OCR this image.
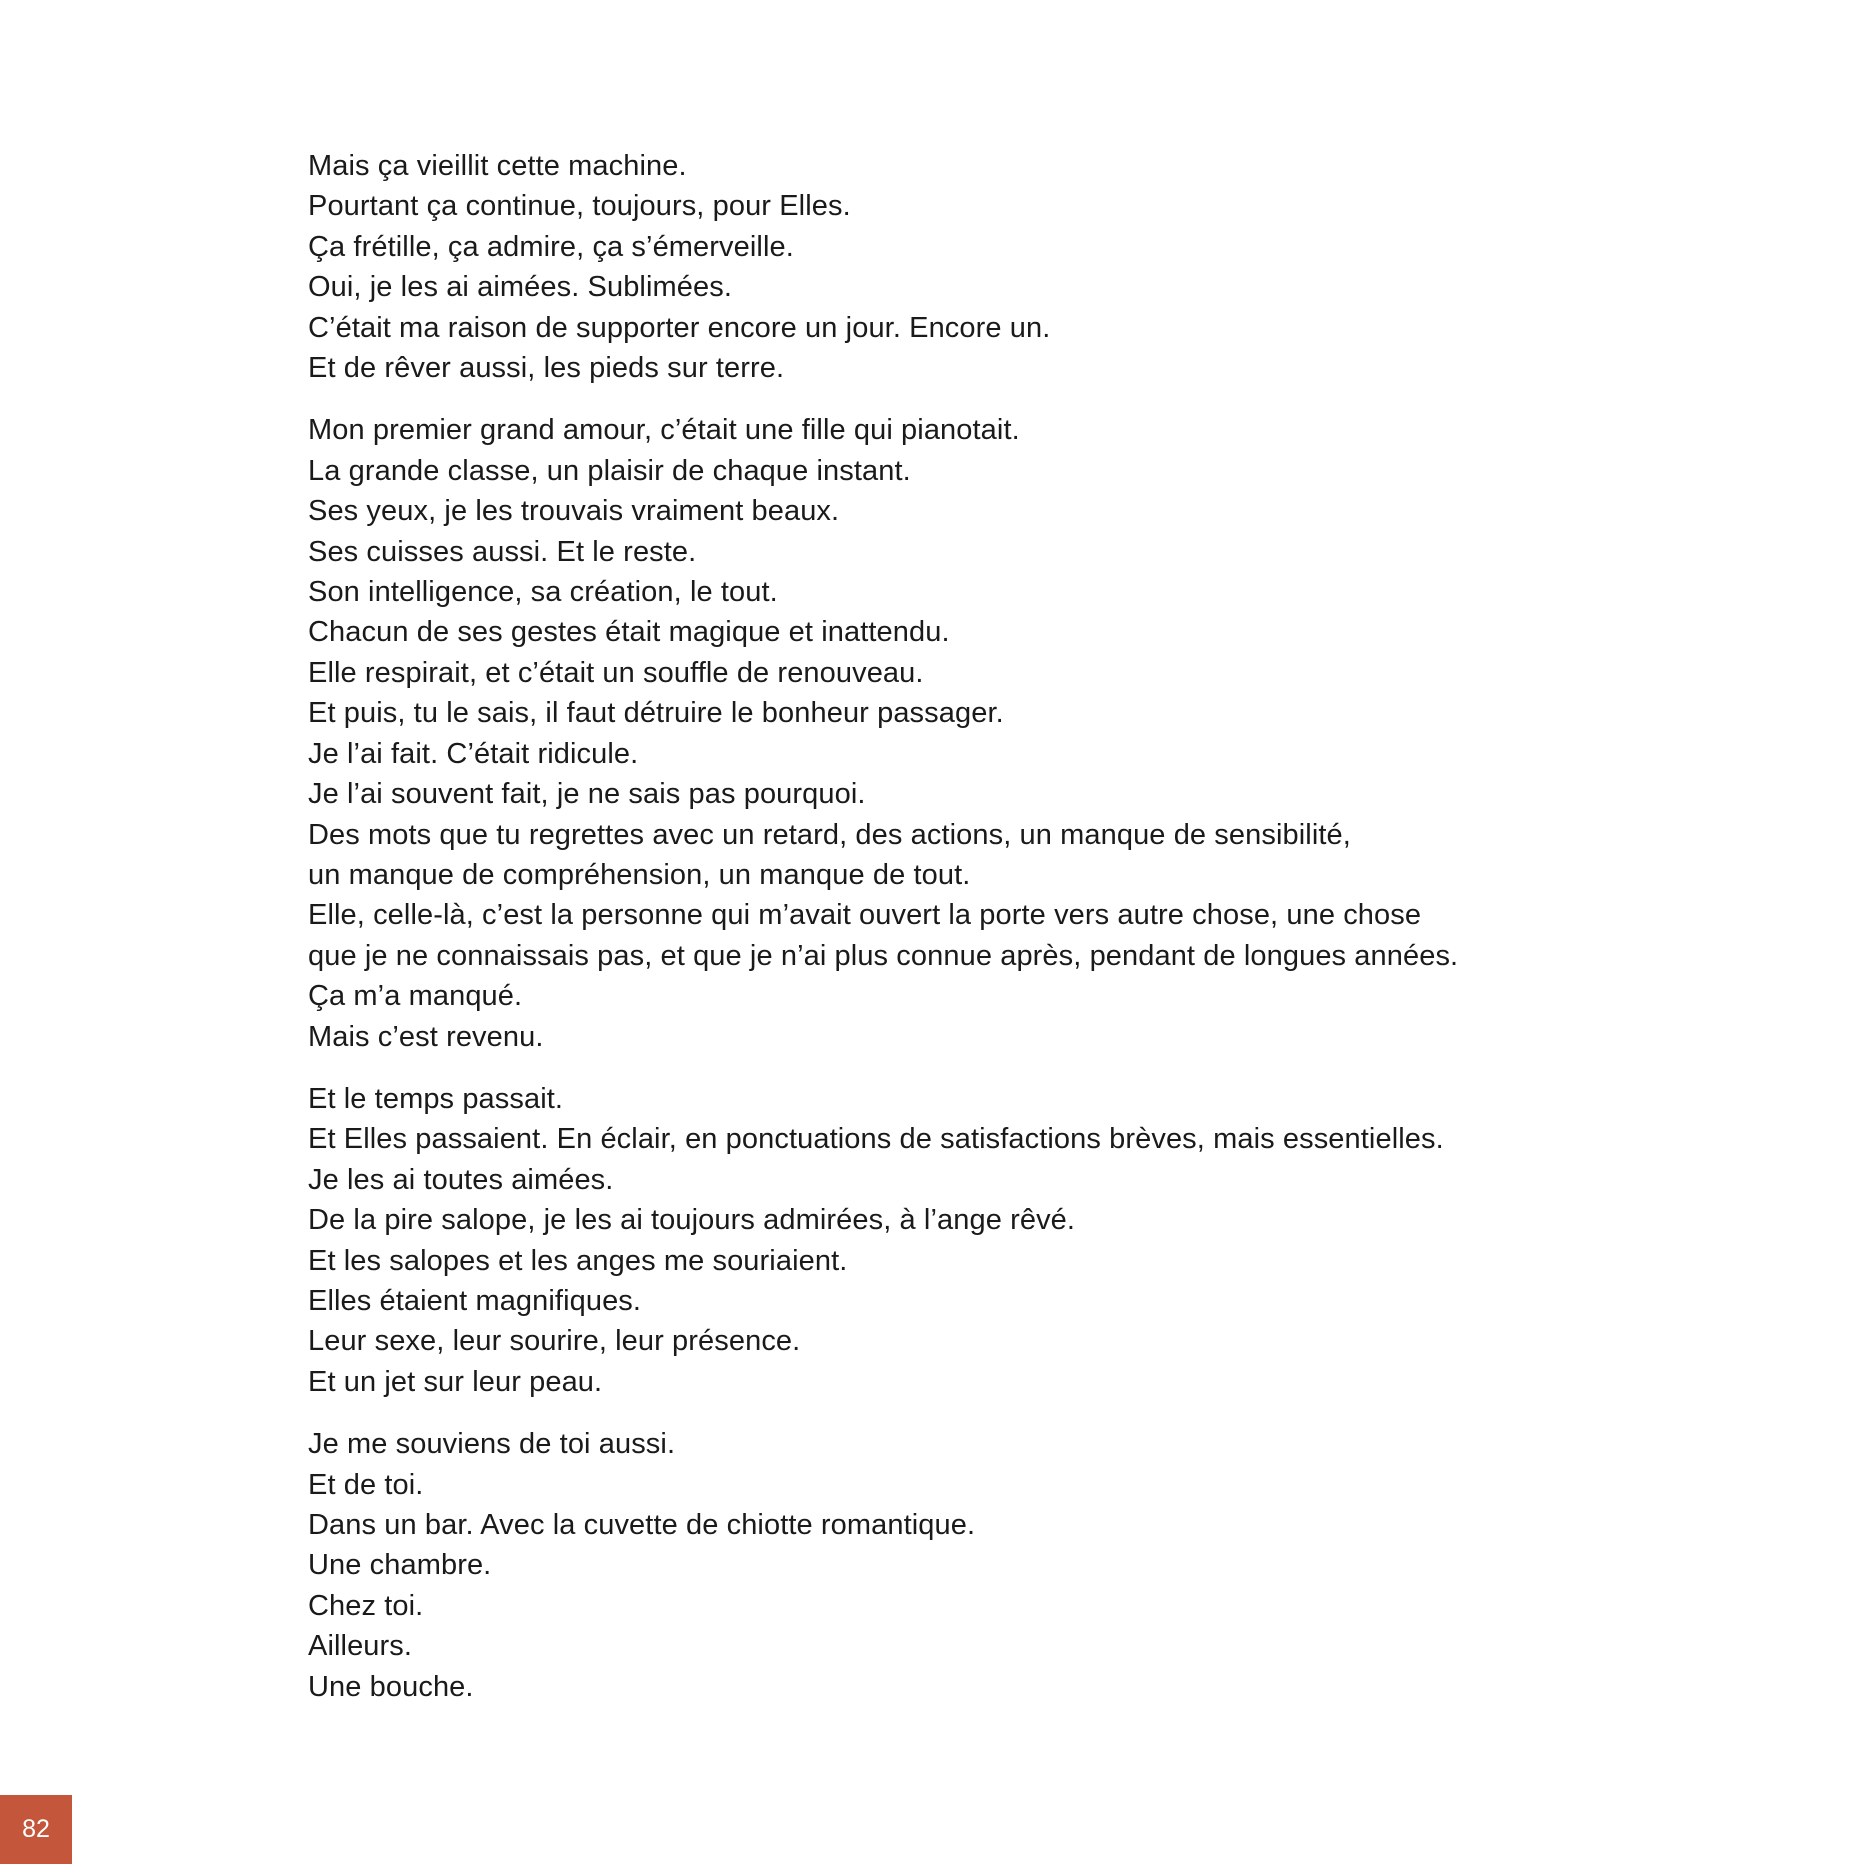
Mais ça vieillit cette machine.
Pourtant ça continue, toujours, pour Elles.
Ça frétille, ça admire, ça s’émerveille.
Oui, je les ai aimées. Sublimées.
C’était ma raison de supporter encore un jour. Encore un.
Et de rêver aussi, les pieds sur terre.
Mon premier grand amour, c’était une fille qui pianotait.
La grande classe, un plaisir de chaque instant.
Ses yeux, je les trouvais vraiment beaux.
Ses cuisses aussi. Et le reste.
Son intelligence, sa création, le tout.
Chacun de ses gestes était magique et inattendu.
Elle respirait, et c’était un souffle de renouveau.
Et puis, tu le sais, il faut détruire le bonheur passager.
Je l’ai fait. C’était ridicule.
Je l’ai souvent fait, je ne sais pas pourquoi.
Des mots que tu regrettes avec un retard, des actions, un manque de sensibilité,
un manque de compréhension, un manque de tout.
Elle, celle-là, c’est la personne qui m’avait ouvert la porte vers autre chose, une chose
que je ne connaissais pas, et que je n’ai plus connue après, pendant de longues années.
Ça m’a manqué.
Mais c’est revenu.
Et le temps passait.
Et Elles passaient. En éclair, en ponctuations de satisfactions brèves, mais essentielles.
Je les ai toutes aimées.
De la pire salope, je les ai toujours admirées, à l’ange rêvé.
Et les salopes et les anges me souriaient.
Elles étaient magnifiques.
Leur sexe, leur sourire, leur présence.
Et un jet sur leur peau.
Je me souviens de toi aussi.
Et de toi.
Dans un bar. Avec la cuvette de chiotte romantique.
Une chambre.
Chez toi.
Ailleurs.
Une bouche.
82
